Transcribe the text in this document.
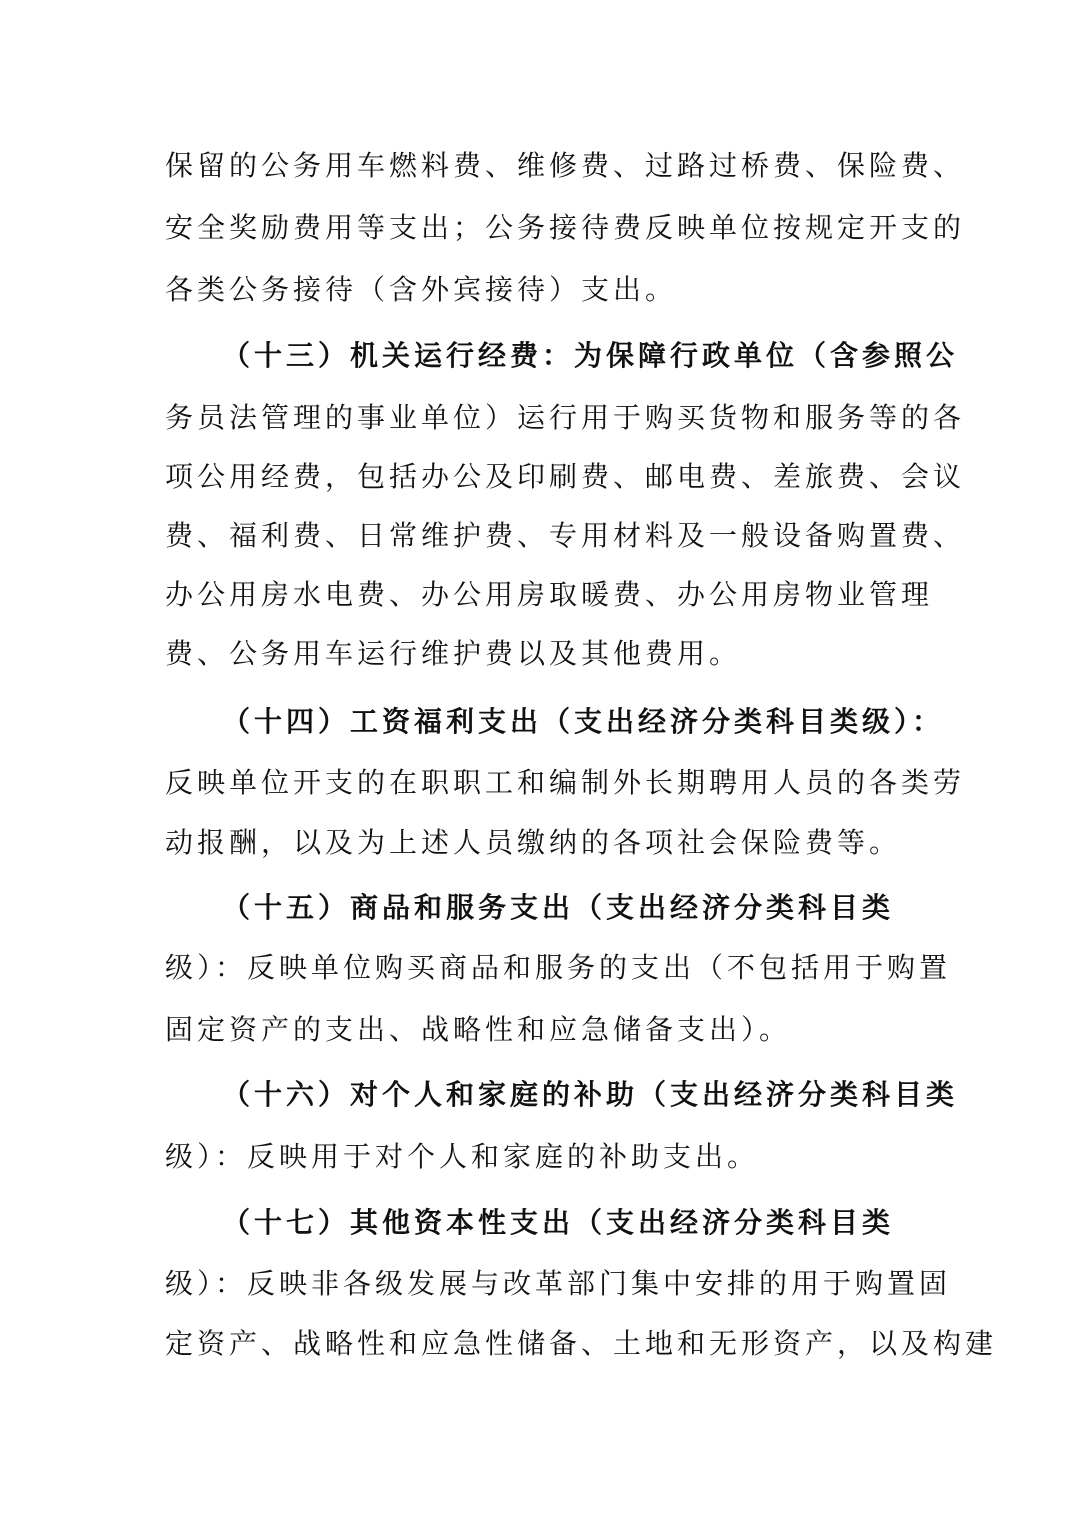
保留的公务用车燃料费、维修费、过路过桥费、保险费、
安全奖励费用等支出；公务接待费反映单位按规定开支的
各类公务接待（含外宾接待）支出。
（十三）机关运行经费：为保障行政单位（含参照公
务员法管理的事业单位）运行用于购买货物和服务等的各
项公用经费，包括办公及印刷费、邮电费、差旅费、会议
费、福利费、日常维护费、专用材料及一般设备购置费、
办公用房水电费、办公用房取暖费、办公用房物业管理
费、公务用车运行维护费以及其他费用。
（十四）工资福利支出（支出经济分类科目类级）：
反映单位开支的在职职工和编制外长期聘用人员的各类劳
动报酬，以及为上述人员缴纳的各项社会保险费等。
（十五）商品和服务支出（支出经济分类科目类
级）：反映单位购买商品和服务的支出（不包括用于购置
固定资产的支出、战略性和应急储备支出）。
（十六）对个人和家庭的补助（支出经济分类科目类
级）：反映用于对个人和家庭的补助支出。
（十七）其他资本性支出（支出经济分类科目类
级）：反映非各级发展与改革部门集中安排的用于购置固
定资产、战略性和应急性储备、土地和无形资产，以及构建
